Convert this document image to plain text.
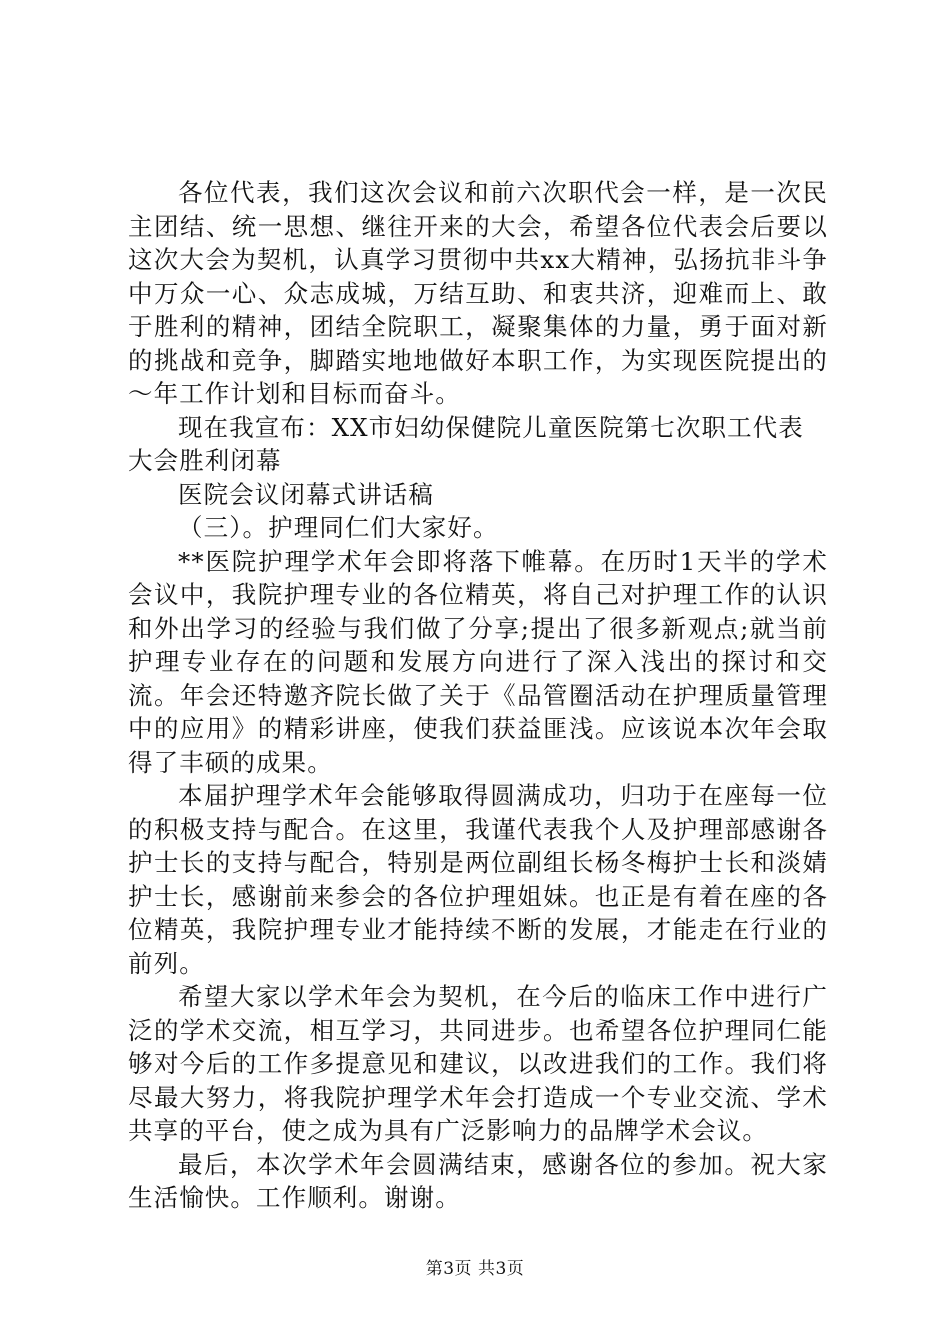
各位代表，我们这次会议和前六次职代会一样，是一次民主团结、统一思想、继往开来的大会，希望各位代表会后要以这次大会为契机，认真学习贯彻中共xx大精神，弘扬抗非斗争中万众一心、众志成城，万结互助、和衷共济，迎难而上、敢于胜利的精神，团结全院职工，凝聚集体的力量，勇于面对新的挑战和竞争，脚踏实地地做好本职工作，为实现医院提出的～年工作计划和目标而奋斗。

现在我宣布：XX市妇幼保健院儿童医院第七次职工代表大会胜利闭幕

医院会议闭幕式讲话稿

（三）。护理同仁们大家好。

**医院护理学术年会即将落下帷幕。在历时1天半的学术会议中，我院护理专业的各位精英，将自己对护理工作的认识和外出学习的经验与我们做了分享;提出了很多新观点;就当前护理专业存在的问题和发展方向进行了深入浅出的探讨和交流。年会还特邀齐院长做了关于《品管圈活动在护理质量管理中的应用》的精彩讲座，使我们获益匪浅。应该说本次年会取得了丰硕的成果。

本届护理学术年会能够取得圆满成功，归功于在座每一位的积极支持与配合。在这里，我谨代表我个人及护理部感谢各护士长的支持与配合，特别是两位副组长杨冬梅护士长和淡婧护士长，感谢前来参会的各位护理姐妹。也正是有着在座的各位精英，我院护理专业才能持续不断的发展，才能走在行业的前列。

希望大家以学术年会为契机，在今后的临床工作中进行广泛的学术交流，相互学习，共同进步。也希望各位护理同仁能够对今后的工作多提意见和建议，以改进我们的工作。我们将尽最大努力，将我院护理学术年会打造成一个专业交流、学术共享的平台，使之成为具有广泛影响力的品牌学术会议。

最后，本次学术年会圆满结束，感谢各位的参加。祝大家生活愉快。工作顺利。谢谢。

第3页 共3页
